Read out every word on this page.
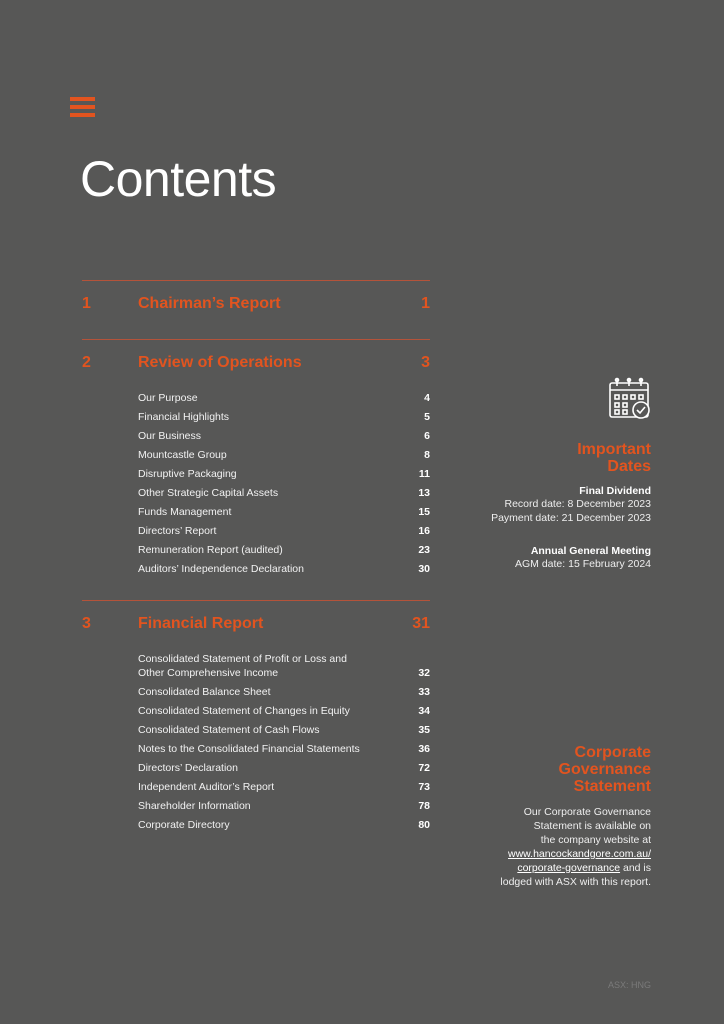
Contents
1	Chairman’s Report	1
2	Review of Operations	3
Our Purpose	4
Financial Highlights	5
Our Business	6
Mountcastle Group	8
Disruptive Packaging	11
Other Strategic Capital Assets	13
Funds Management	15
Directors’ Report	16
Remuneration Report (audited)	23
Auditors’ Independence Declaration	30
3	Financial Report	31
Consolidated Statement of Profit or Loss and Other Comprehensive Income	32
Consolidated Balance Sheet	33
Consolidated Statement of Changes in Equity	34
Consolidated Statement of Cash Flows	35
Notes to the Consolidated Financial Statements	36
Directors’ Declaration	72
Independent Auditor’s Report	73
Shareholder Information	78
Corporate Directory	80
Important
Dates
Final Dividend
Record date: 8 December 2023
Payment date: 21 December 2023
Annual General Meeting
AGM date: 15 February 2024
Corporate
Governance
Statement
Our Corporate Governance
Statement is available on
the company website at
www.hancockandgore.com.au/
corporate-governance and is
lodged with ASX with this report.
ASX: HNG
